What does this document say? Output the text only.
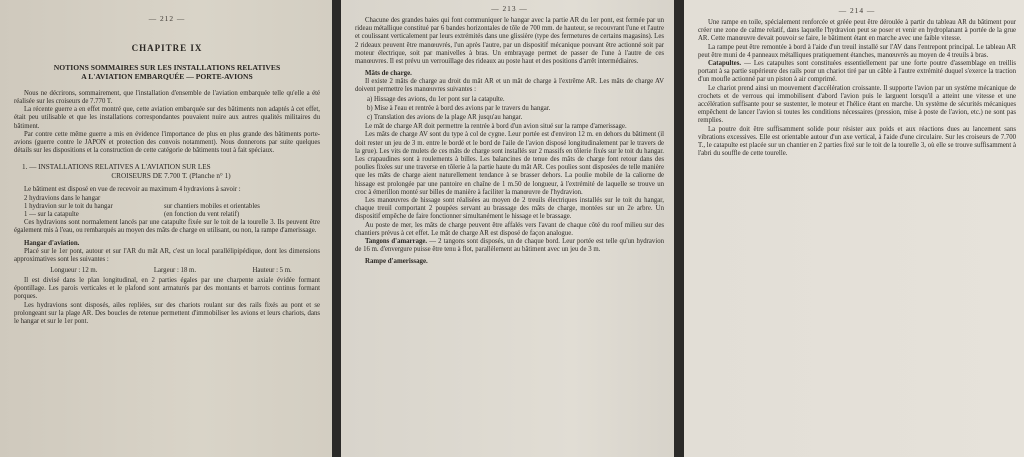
— 212 —
CHAPITRE IX
NOTIONS SOMMAIRES SUR LES INSTALLATIONS RELATIVES
A L'AVIATION EMBARQUÉE — PORTE-AVIONS

Nous ne décrirons, sommairement, que l'installation d'ensemble de l'aviation embarquée telle qu'elle a été réalisée sur les croiseurs de 7.770 T.

La récente guerre a en effet montré que, cette aviation embarquée sur des bâtiments non adaptés à cet effet, était peu utilisable et que les installations correspondantes pouvaient nuire aux autres qualités militaires du bâtiment.

Par contre cette même guerre a mis en évidence l'importance de plus en plus grande des bâtiments porte-avions (guerre contre le JAPON et protection des convois notamment). Nous donnerons par suite quelques détails sur les dispositions et la construction de cette catégorie de bâtiments tout à fait spéciaux.

1. — INSTALLATIONS RELATIVES A L'AVIATION SUR LES
CROISEURS DE 7.700 T. (Planche n° 1)

Le bâtiment est disposé en vue de recevoir au maximum 4 hydravions à savoir :

2 hydravions dans le hangar
1 hydravion sur le toit du hangar	sur chantiers mobiles et orientables
1 — sur la catapulte	(en fonction du vent relatif)

Ces hydravions sont normalement lancés par une catapulte fixée sur le toit de la tourelle 3. Ils peuvent être également mis à l'eau, ou rembarqués au moyen des mâts de charge en utilisant, ou non, la rampe d'amerissage.

Hangar d'aviation.

Placé sur le 1er pont, autour et sur l'AR du mât AR, c'est un local parallélipipédique, dont les dimensions approximatives sont les suivantes :

Longueur : 12 m.	Largeur : 18 m.	Hauteur : 5 m.

Il est divisé dans le plan longitudinal, en 2 parties égales par une charpente axiale évidée formant épontillage. Les parois verticales et le plafond sont armaturés par des montants et barrots continus formant porques.

Les hydravions sont disposés, ailes repliées, sur des chariots roulant sur des rails fixés au pont et se prolongeant sur la plage AR. Des boucles de retenue permettent d'immobiliser les avions et leurs chariots, dans le hangar et sur le 1er pont.

— 213 —

Chacune des grandes baies qui font communiquer le hangar avec la partie AR du 1er pont, est fermée par un rideau métallique constitué par 6 bandes horizontales de tôle de 700 mm. de hauteur, se recouvrant l'une et l'autre et coulissant verticalement par leurs extrémités dans une glissière (type des fermetures de certains magasins). Les 2 rideaux peuvent être manœuvrés, l'un après l'autre, par un dispositif mécanique pouvant être actionné soit par moteur électrique, soit par manivelles à bras. Un embrayage permet de passer de l'une à l'autre de ces manœuvres. Il est prévu un verrouillage des rideaux au poste haut et des positions d'arrêt intermédiaires.

Mâts de charge.

Il existe 2 mâts de charge au droit du mât AR et un mât de charge à l'extrême AR. Les mâts de charge AV doivent permettre les manœuvres suivantes :

a) Hissage des avions, du 1er pont sur la catapulte.
b) Mise à l'eau et rentrée à bord des avions par le travers du hangar.
c) Translation des avions de la plage AR jusqu'au hangar.

Le mât de charge AR doit permettre la rentrée à bord d'un avion situé sur la rampe d'amerissage.

Les mâts de charge AV sont du type à col de cygne. Leur portée est d'environ 12 m. en dehors du bâtiment (il doit rester un jeu de 3 m. entre le bordé et le bord de l'aile de l'avion disposé longitudinalement par le travers de la grue). Les vits de mulets de ces mâts de charge sont installés sur 2 massifs en tôlerie fixés sur le toit du hangar. Les crapaudines sont à roulements à billes. Les balancines de tenue des mâts de charge font retour dans des poulies fixées sur une traverse en tôlerie à la partie haute du mât AR. Ces poulies sont disposées de telle manière que les mâts de charge aient naturellement tendance à se brasser dehors. La poulie mobile de la caliorne de hissage est prolongée par une pantoire en chaîne de 1 m.50 de longueur, à l'extrémité de laquelle se trouve un croc à émerillon monté sur billes de manière à faciliter la manœuvre de l'hydravion.

Les manœuvres de hissage sont réalisées au moyen de 2 treuils électriques installés sur le toit du hangar, chaque treuil comportant 2 poupées servant au brassage des mâts de charge, montées sur un 2e arbre. Un dispositif empêche de faire fonctionner simultanément le hissage et le brassage.

Au poste de mer, les mâts de charge peuvent être affalés vers l'avant de chaque côté du roof milieu sur des chantiers prévus à cet effet. Le mât de charge AR est disposé de façon analogue.

Tangons d'amarrage. — 2 tangons sont disposés, un de chaque bord. Leur portée est telle qu'un hydravion de 16 m. d'envergure puisse être tenu à flot, parallèlement au bâtiment avec un jeu de 3 m.

Rampe d'amerissage.
— 214 —

Une rampe en toile, spécialement renforcée et gréée peut être déroulée à partir du tableau AR du bâtiment pour créer une zone de calme relatif, dans laquelle l'hydravion peut se poser et venir en hydroplanant à portée de la grue AR. Cette manœuvre devait pouvoir se faire, le bâtiment étant en marche avec une faible vitesse.

La rampe peut être remontée à bord à l'aide d'un treuil installé sur l'AV dans l'entrepont principal. Le tableau AR peut être muni de 4 panneaux métalliques pratiquement étanches, manœuvrés au moyen de 4 treuils à bras.

Catapultes. — Les catapultes sont constituées essentiellement par une forte poutre d'assemblage en treillis portant à sa partie supérieure des rails pour un chariot tiré par un câble à l'autre extrémité duquel s'exerce la traction d'un moufle actionné par un piston à air comprimé.

Le chariot prend ainsi un mouvement d'accélération croissante. Il supporte l'avion par un système mécanique de crochets et de verrous qui immobilisent d'abord l'avion puis le larguent lorsqu'il a atteint une vitesse et une accélération suffisante pour se sustenter, le moteur et l'hélice étant en marche. Un système de sécurités mécaniques empêchent de lancer l'avion si toutes les conditions nécessaires (pression, mise à poste de l'avion, etc.) ne sont pas remplies.

La poutre doit être suffisamment solide pour résister aux poids et aux réactions dues au lancement sans vibrations excessives. Elle est orientable autour d'un axe vertical, à l'aide d'une circulaire. Sur les croiseurs de 7.700 T., le catapulte est placée sur un chantier en 2 parties fixé sur le toit de la tourelle 3, où elle se trouve suffisamment à l'abri du souffle de cette tourelle.
